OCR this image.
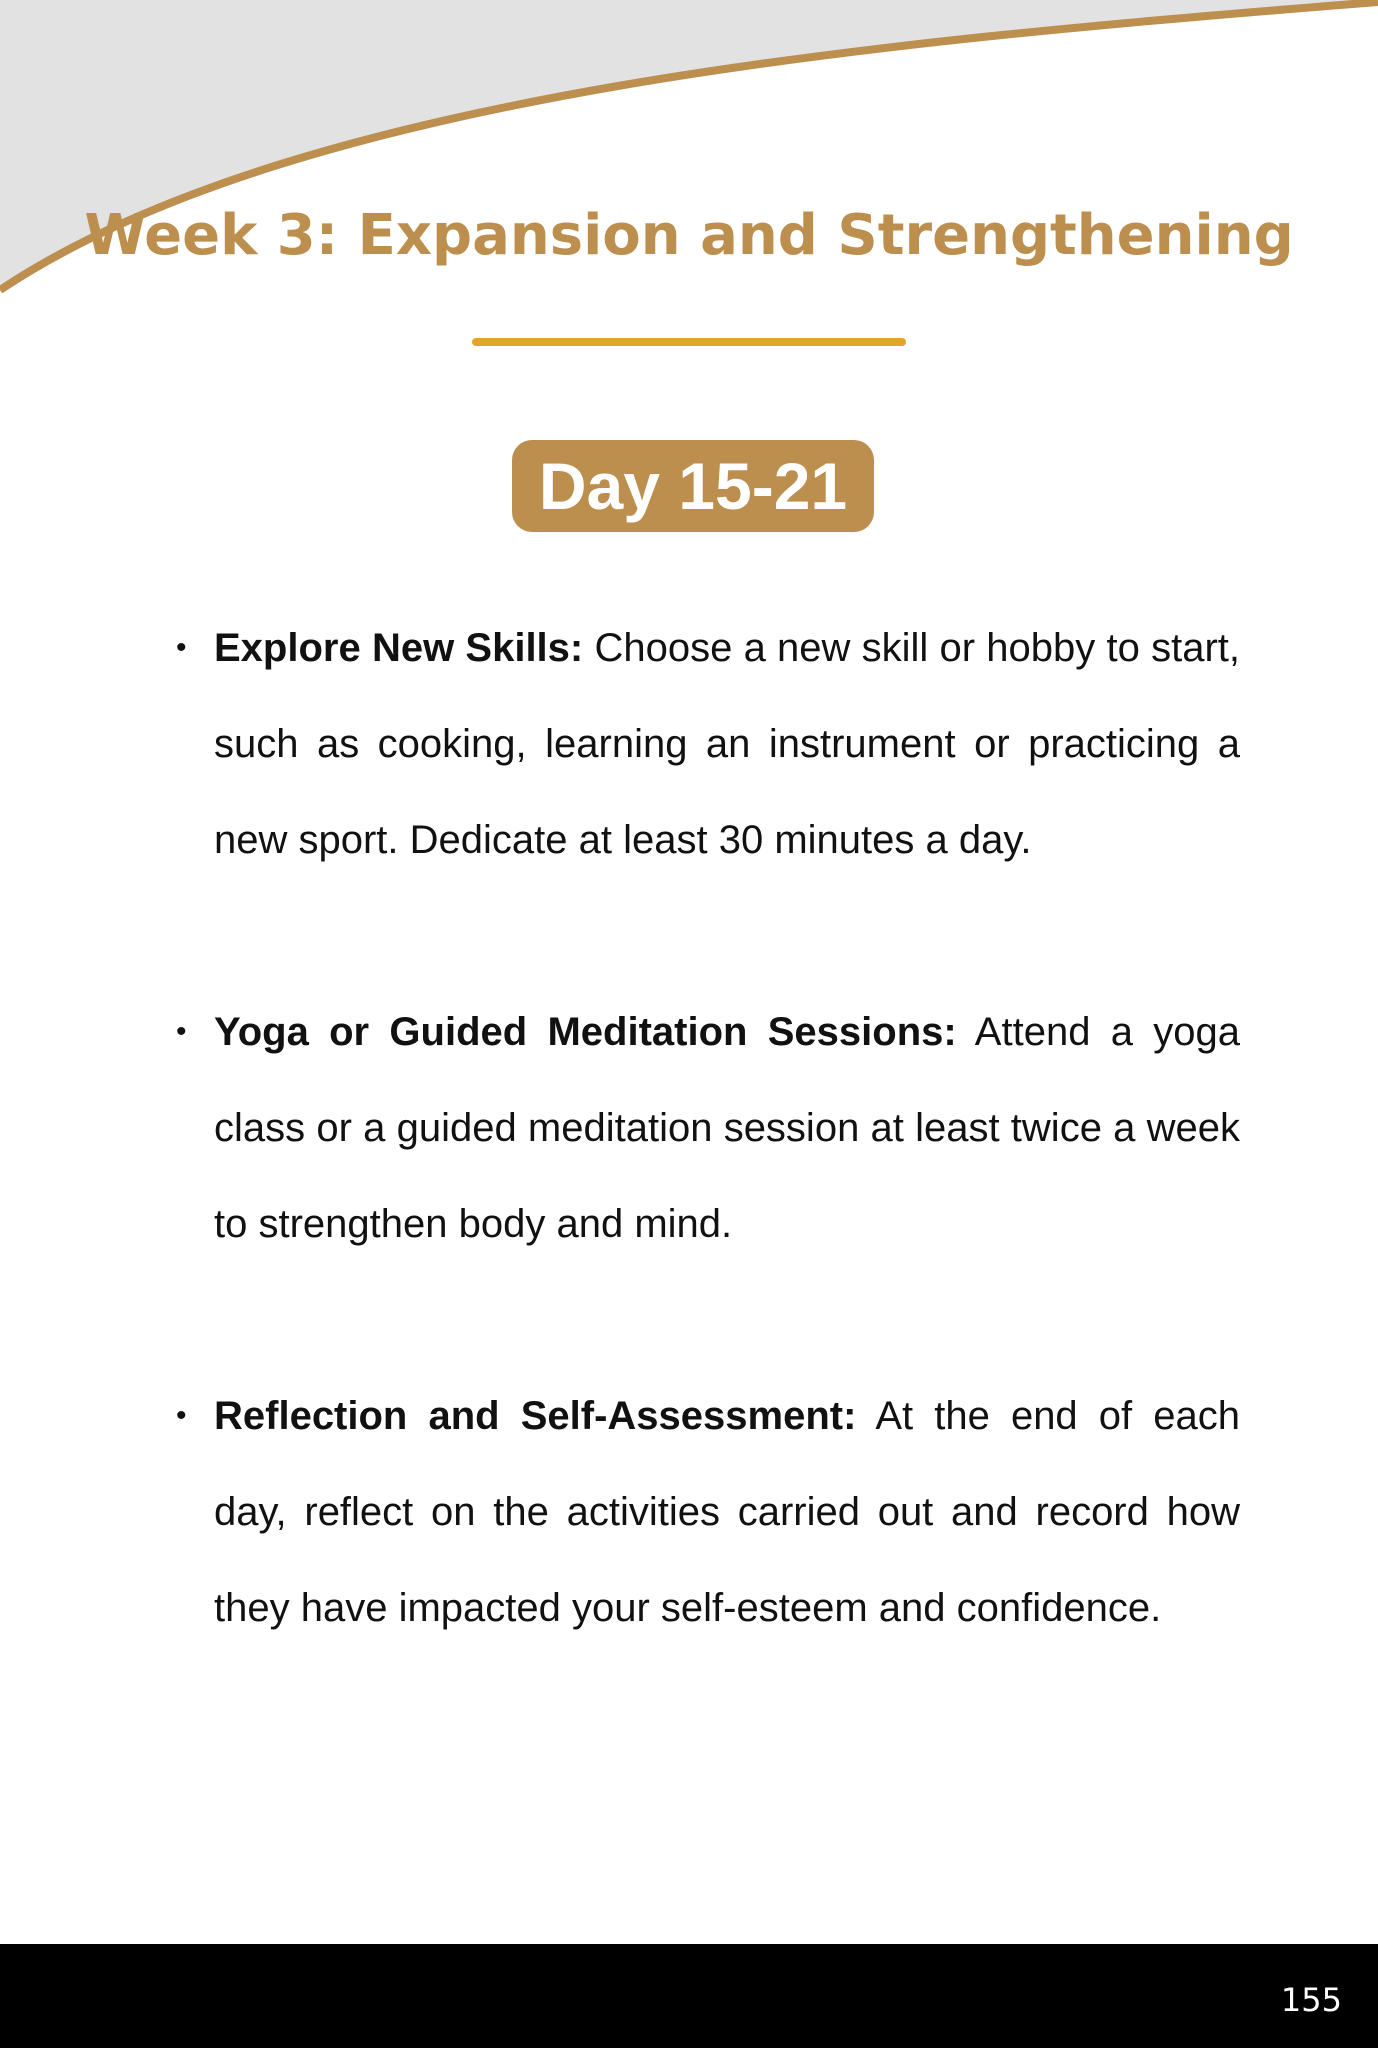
Week 3: Expansion and Strengthening
Day 15-21
• Explore New Skills: Choose a new skill or hobby to start, such as cooking, learning an instrument or practicing a new sport. Dedicate at least 30 minutes a day.
• Yoga or Guided Meditation Sessions: Attend a yoga class or a guided meditation session at least twice a week to strengthen body and mind.
• Reflection and Self-Assessment: At the end of each day, reflect on the activities carried out and record how they have impacted your self-esteem and confidence.
155
